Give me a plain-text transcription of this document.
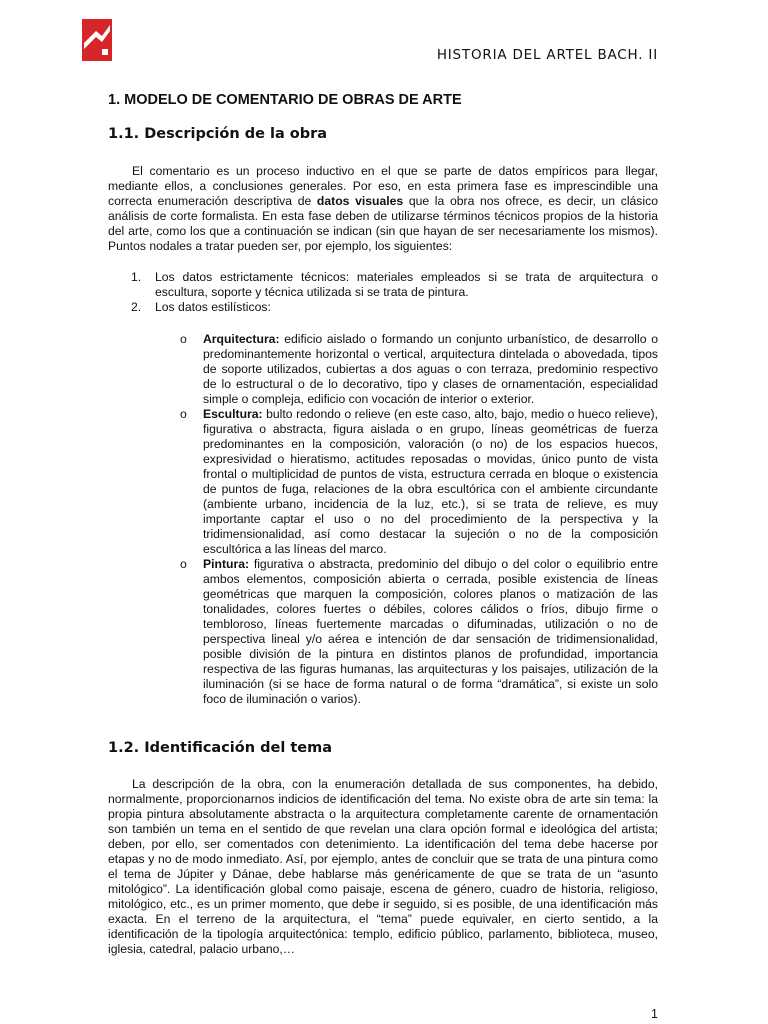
HISTORIA DEL ARTEL BACH. II
1. MODELO DE COMENTARIO DE OBRAS DE ARTE
1.1. Descripción de la obra
El comentario es un proceso inductivo en el que se parte de datos empíricos para llegar, mediante ellos, a conclusiones generales. Por eso, en esta primera fase es imprescindible una correcta enumeración descriptiva de datos visuales que la obra nos ofrece, es decir, un clásico análisis de corte formalista. En esta fase deben de utilizarse términos técnicos propios de la historia del arte, como los que a continuación se indican (sin que hayan de ser necesariamente los mismos). Puntos nodales a tratar pueden ser, por ejemplo, los siguientes:
1. Los datos estrictamente técnicos: materiales empleados si se trata de arquitectura o escultura, soporte y técnica utilizada si se trata de pintura.
2. Los datos estilísticos:
o Arquitectura: edificio aislado o formando un conjunto urbanístico, de desarrollo o predominantemente horizontal o vertical, arquitectura dintelada o abovedada, tipos de soporte utilizados, cubiertas a dos aguas o con terraza, predominio respectivo de lo estructural o de lo decorativo, tipo y clases de ornamentación, especialidad simple o compleja, edificio con vocación de interior o exterior.
o Escultura: bulto redondo o relieve (en este caso, alto, bajo, medio o hueco relieve), figurativa o abstracta, figura aislada o en grupo, líneas geométricas de fuerza predominantes en la composición, valoración (o no) de los espacios huecos, expresividad o hieratismo, actitudes reposadas o movidas, único punto de vista frontal o multiplicidad de puntos de vista, estructura cerrada en bloque o existencia de puntos de fuga, relaciones de la obra escultórica con el ambiente circundante (ambiente urbano, incidencia de la luz, etc.), si se trata de relieve, es muy importante captar el uso o no del procedimiento de la perspectiva y la tridimensionalidad, así como destacar la sujeción o no de la composición escultórica a las líneas del marco.
o Pintura: figurativa o abstracta, predominio del dibujo o del color o equilibrio entre ambos elementos, composición abierta o cerrada, posible existencia de líneas geométricas que marquen la composición, colores planos o matización de las tonalidades, colores fuertes o débiles, colores cálidos o fríos, dibujo firme o tembloroso, líneas fuertemente marcadas o difuminadas, utilización o no de perspectiva lineal y/o aérea e intención de dar sensación de tridimensionalidad, posible división de la pintura en distintos planos de profundidad, importancia respectiva de las figuras humanas, las arquitecturas y los paisajes, utilización de la iluminación (si se hace de forma natural o de forma “dramática”, si existe un solo foco de iluminación o varios).
1.2. Identificación del tema
La descripción de la obra, con la enumeración detallada de sus componentes, ha debido, normalmente, proporcionarnos indicios de identificación del tema. No existe obra de arte sin tema: la propia pintura absolutamente abstracta o la arquitectura completamente carente de ornamentación son también un tema en el sentido de que revelan una clara opción formal e ideológica del artista; deben, por ello, ser comentados con detenimiento. La identificación del tema debe hacerse por etapas y no de modo inmediato. Así, por ejemplo, antes de concluir que se trata de una pintura como el tema de Júpiter y Dánae, debe hablarse más genéricamente de que se trata de un “asunto mitológico”. La identificación global como paisaje, escena de género, cuadro de historia, religioso, mitológico, etc., es un primer momento, que debe ir seguido, si es posible, de una identificación más exacta. En el terreno de la arquitectura, el “tema” puede equivaler, en cierto sentido, a la identificación de la tipología arquitectónica: templo, edificio público, parlamento, biblioteca, museo, iglesia, catedral, palacio urbano,…
1
